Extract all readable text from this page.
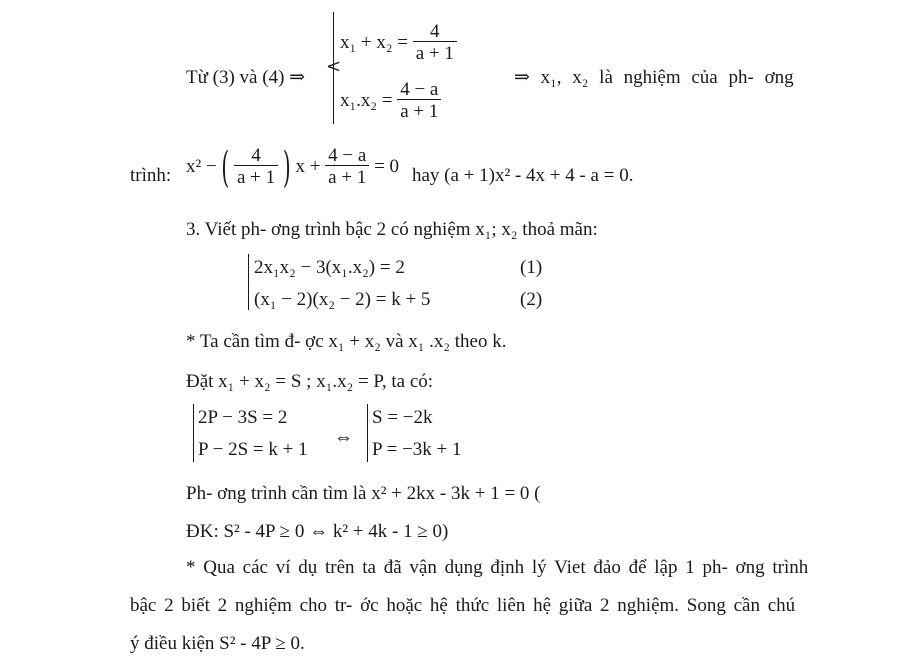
Từ (3) và (4) ⇒
<
$x_1 + x_2 = \frac{4}{a + 1}$
$x_1.x_2 = \frac{4 - a}{a + 1}$
⇒ x₁, x₂ là nghiệm của ph- ơng
trình: x² − ( $\frac{4}{a + 1}$ ) $x + \frac{4 - a}{a + 1} = 0$ hay (a + 1)x² - 4x + 4 - a = 0.
3. Viết ph- ơng trình bậc 2 có nghiệm x₁; x₂ thoả mãn:
2x₁x₂ − 3(x₁.x₂) = 2	(1)
(x₁ − 2)(x₂ − 2) = k + 5	(2)
* Ta cần tìm đ- ợc x₁ + x₂ và x₁ .x₂ theo k.
Đặt x₁ + x₂ = S ; x₁.x₂ = P, ta có:
2P − 3S = 2
P − 2S = k + 1
⇔
S = −2k
P = −3k + 1
Ph- ơng trình cần tìm là x² + 2kx - 3k + 1 = 0 (
ĐK: S² - 4P ≥ 0 ⇔ k² + 4k - 1 ≥ 0)
* Qua các ví dụ trên ta đã vận dụng định lý Viet đảo để lập 1 ph- ơng trình
bậc 2 biết 2 nghiệm cho tr- ớc hoặc hệ thức liên hệ giữa 2 nghiệm. Song cần chú
ý điều kiện S² - 4P ≥ 0.
